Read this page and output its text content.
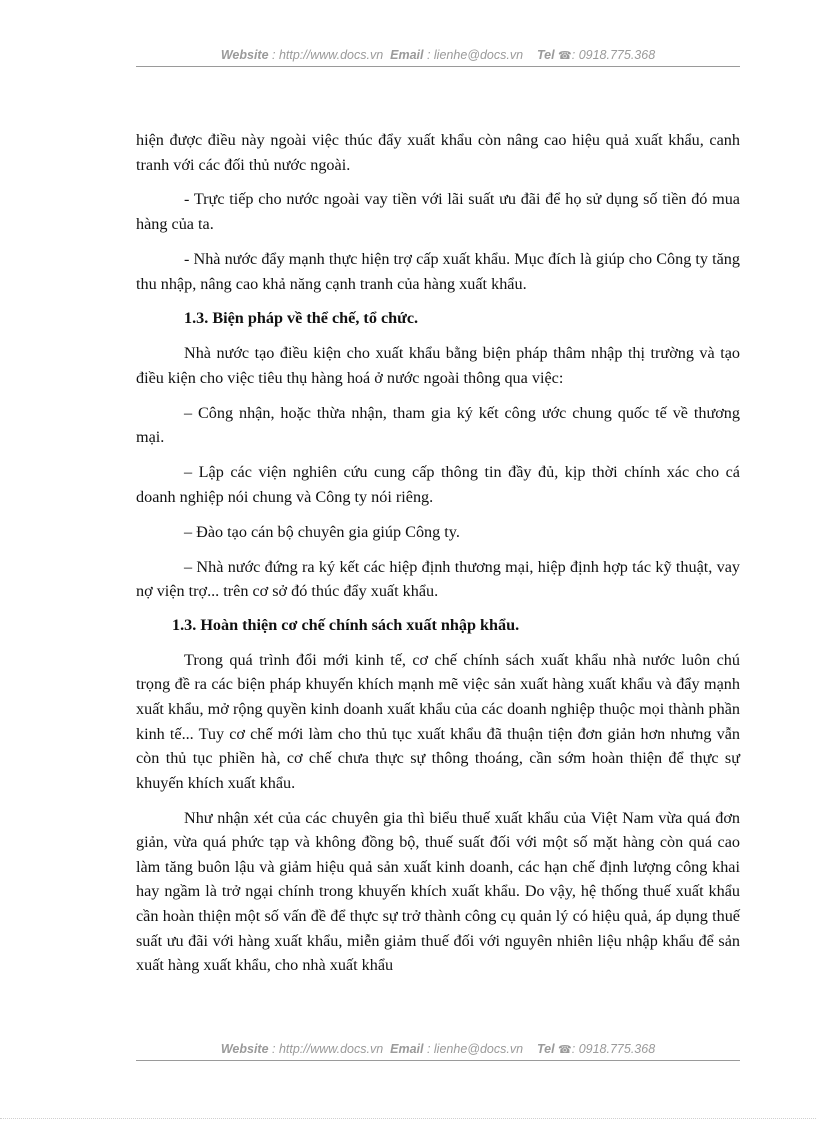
Website : http://www.docs.vn Email : lienhe@docs.vn Tel ☎: 0918.775.368

hiện được điều này ngoài việc thúc đẩy xuất khẩu còn nâng cao hiệu quả xuất khẩu, canh tranh với các đối thủ nước ngoài.

- Trực tiếp cho nước ngoài vay tiền với lãi suất ưu đãi để họ sử dụng số tiền đó mua hàng của ta.

- Nhà nước đẩy mạnh thực hiện trợ cấp xuất khẩu. Mục đích là giúp cho Công ty tăng thu nhập, nâng cao khả năng cạnh tranh của hàng xuất khẩu.

1.3. Biện pháp về thể chế, tổ chức.

Nhà nước tạo điều kiện cho xuất khẩu bằng biện pháp thâm nhập thị trường và tạo điều kiện cho việc tiêu thụ hàng hoá ở nước ngoài thông qua việc:

– Công nhận, hoặc thừa nhận, tham gia ký kết công ước chung quốc tế về thương mại.

– Lập các viện nghiên cứu cung cấp thông tin đầy đủ, kịp thời chính xác cho cá doanh nghiệp nói chung và Công ty nói riêng.

– Đào tạo cán bộ chuyên gia giúp Công ty.

– Nhà nước đứng ra ký kết các hiệp định thương mại, hiệp định hợp tác kỹ thuật, vay nợ viện trợ... trên cơ sở đó thúc đẩy xuất khẩu.

1.3. Hoàn thiện cơ chế chính sách xuất nhập khẩu.

Trong quá trình đổi mới kinh tế, cơ chế chính sách xuất khẩu nhà nước luôn chú trọng đề ra các biện pháp khuyến khích mạnh mẽ việc sản xuất hàng xuất khẩu và đẩy mạnh xuất khẩu, mở rộng quyền kinh doanh xuất khẩu của các doanh nghiệp thuộc mọi thành phần kinh tế... Tuy cơ chế mới làm cho thủ tục xuất khẩu đã thuận tiện đơn giản hơn nhưng vẫn còn thủ tục phiền hà, cơ chế chưa thực sự thông thoáng, cần sớm hoàn thiện để thực sự khuyến khích xuất khẩu.

Như nhận xét của các chuyên gia thì biểu thuế xuất khẩu của Việt Nam vừa quá đơn giản, vừa quá phức tạp và không đồng bộ, thuế suất đối với một số mặt hàng còn quá cao làm tăng buôn lậu và giảm hiệu quả sản xuất kinh doanh, các hạn chế định lượng công khai hay ngầm là trở ngại chính trong khuyến khích xuất khẩu. Do vậy, hệ thống thuế xuất khẩu cần hoàn thiện một số vấn đề để thực sự trở thành công cụ quản lý có hiệu quả, áp dụng thuế suất ưu đãi với hàng xuất khẩu, miễn giảm thuế đối với nguyên nhiên liệu nhập khẩu để sản xuất hàng xuất khẩu, cho nhà xuất khẩu

Website : http://www.docs.vn Email : lienhe@docs.vn Tel ☎: 0918.775.368
